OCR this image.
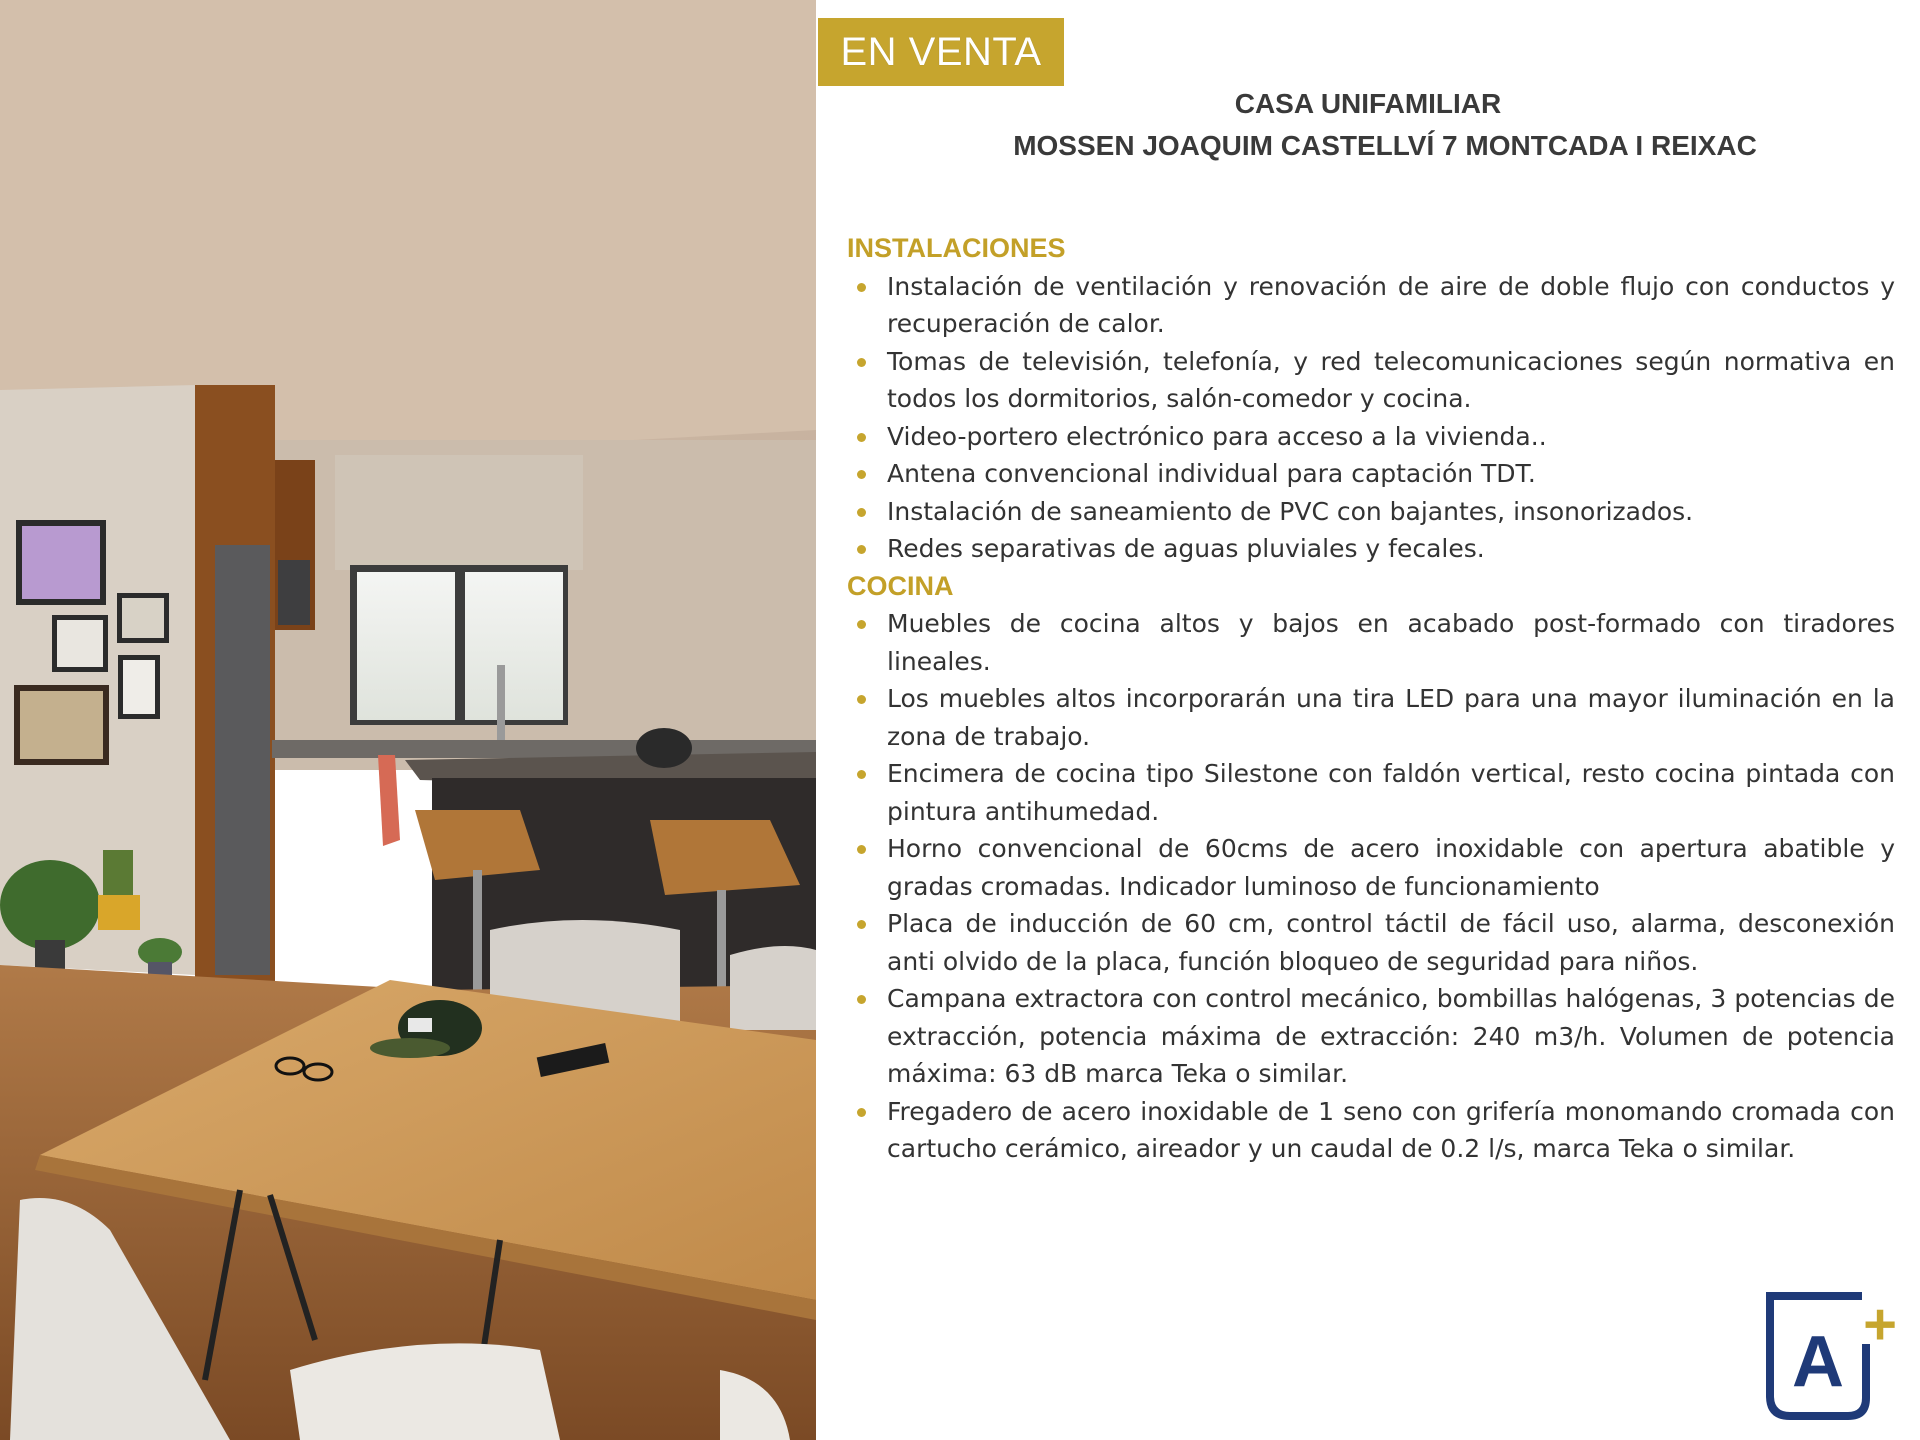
EN VENTA
CASA UNIFAMILIAR
MOSSEN JOAQUIM CASTELLVÍ 7 MONTCADA I REIXAC
INSTALACIONES
Instalación de ventilación y renovación de aire de doble flujo con conductos y recuperación de calor.
Tomas de televisión, telefonía, y red telecomunicaciones según normativa en todos los dormitorios, salón-comedor y cocina.
Video-portero electrónico para acceso a la vivienda..
Antena convencional individual para captación TDT.
Instalación de saneamiento de PVC con bajantes, insonorizados.
Redes separativas de aguas pluviales y fecales.
COCINA
Muebles de cocina altos y bajos en acabado post-formado con tiradores lineales.
Los muebles altos incorporarán una tira LED para una mayor iluminación en la zona de trabajo.
Encimera de cocina tipo Silestone con faldón vertical, resto cocina pintada con pintura antihumedad.
Horno convencional de 60cms de acero inoxidable con apertura abatible y gradas cromadas. Indicador luminoso de funcionamiento
Placa de inducción de 60 cm, control táctil de fácil uso, alarma, desconexión anti olvido de la placa, función bloqueo de seguridad para niños.
Campana extractora con control mecánico, bombillas halógenas, 3 potencias de extracción, potencia máxima de extracción: 240 m3/h. Volumen de potencia máxima: 63 dB marca Teka o similar.
Fregadero de acero inoxidable de 1 seno con grifería monomando cromada con cartucho cerámico, aireador y un caudal de 0.2 l/s, marca Teka o similar.
A +
